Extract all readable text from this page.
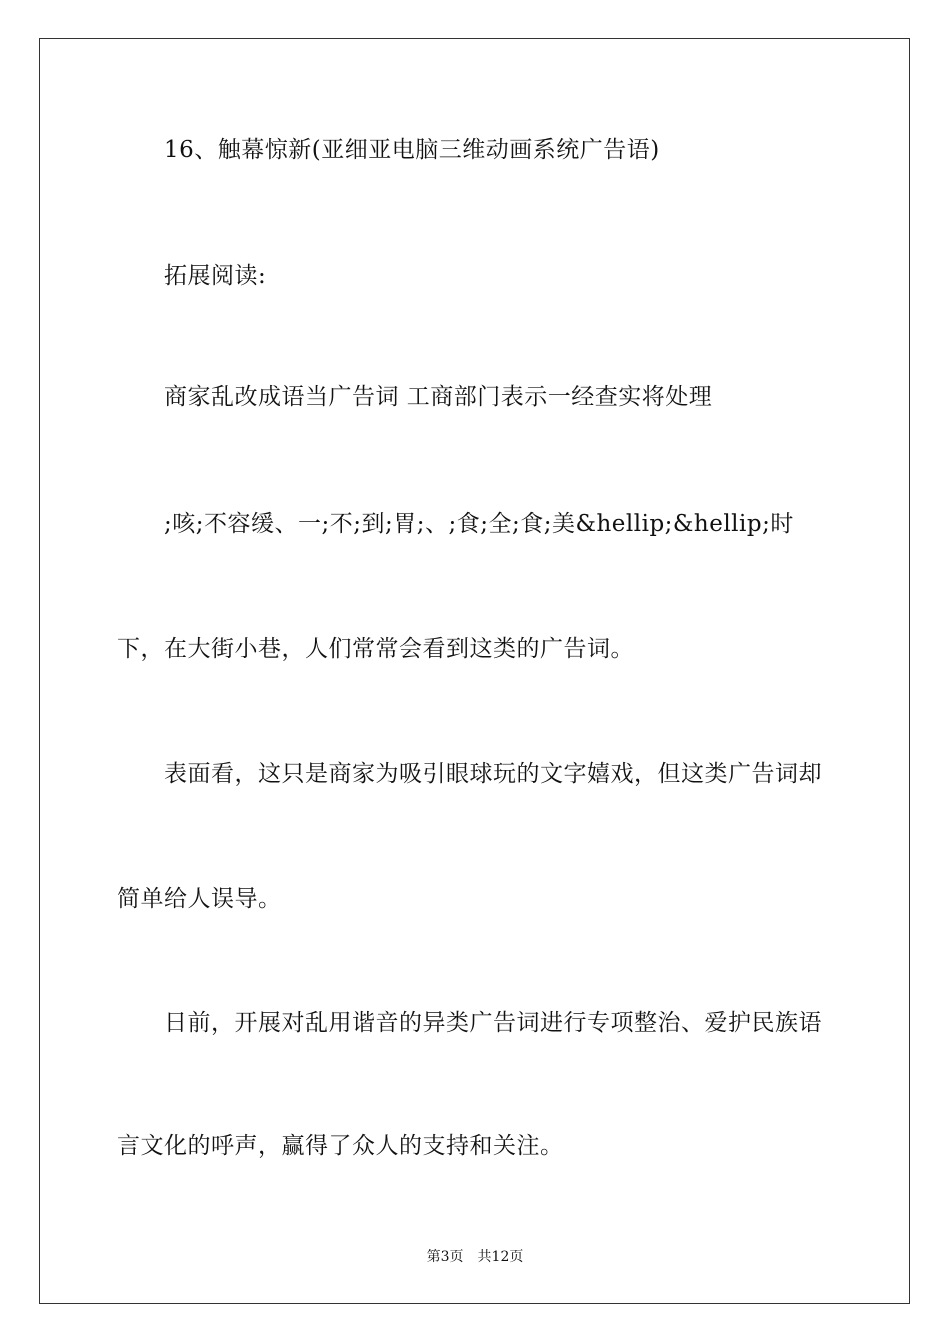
16、触幕惊新(亚细亚电脑三维动画系统广告语)
拓展阅读:
商家乱改成语当广告词 工商部门表示一经查实将处理
;咳;不容缓、一;不;到;胃;、;食;全;食;美&hellip;&hellip;时
下，在大街小巷，人们常常会看到这类的广告词。
表面看，这只是商家为吸引眼球玩的文字嬉戏，但这类广告词却
简单给人误导。
日前，开展对乱用谐音的异类广告词进行专项整治、爱护民族语
言文化的呼声，赢得了众人的支持和关注。
第3页 共12页
